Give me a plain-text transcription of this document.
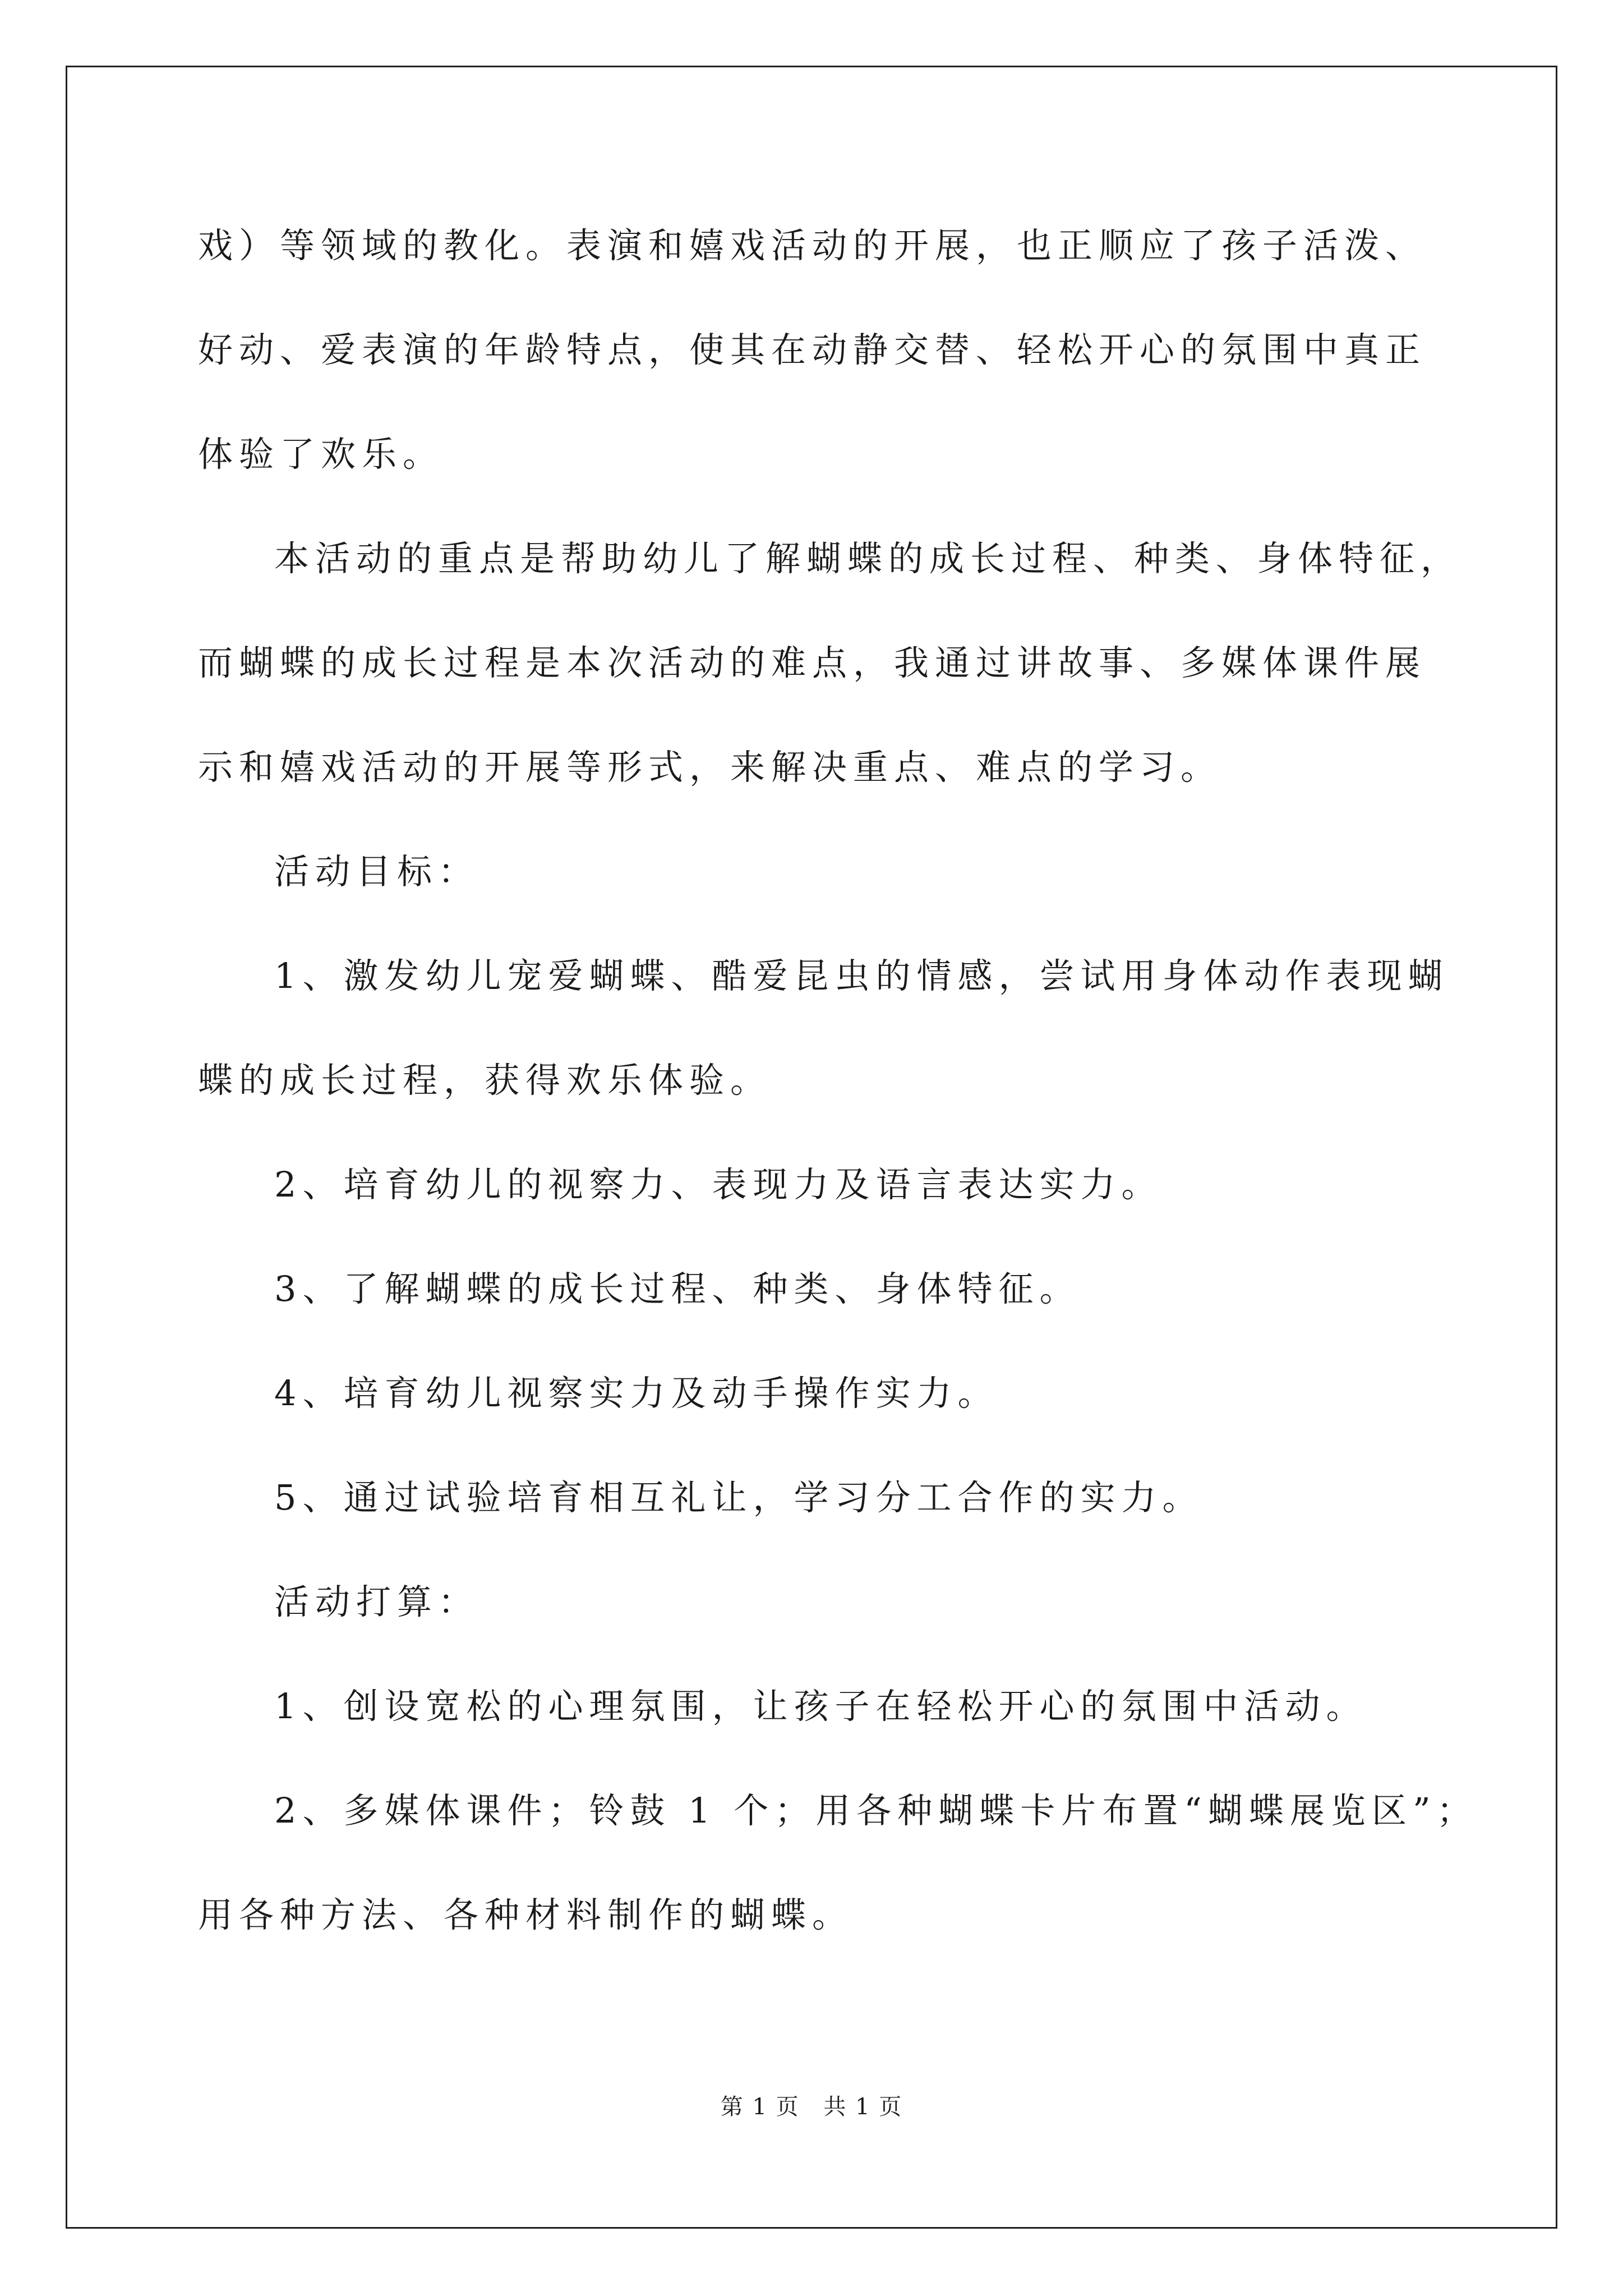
戏）等领域的教化。表演和嬉戏活动的开展，也正顺应了孩子活泼、
好动、爱表演的年龄特点，使其在动静交替、轻松开心的氛围中真正
体验了欢乐。
本活动的重点是帮助幼儿了解蝴蝶的成长过程、种类、身体特征，
而蝴蝶的成长过程是本次活动的难点，我通过讲故事、多媒体课件展
示和嬉戏活动的开展等形式，来解决重点、难点的学习。
活动目标：
1、激发幼儿宠爱蝴蝶、酷爱昆虫的情感，尝试用身体动作表现蝴
蝶的成长过程，获得欢乐体验。
2、培育幼儿的视察力、表现力及语言表达实力。
3、了解蝴蝶的成长过程、种类、身体特征。
4、培育幼儿视察实力及动手操作实力。
5、通过试验培育相互礼让，学习分工合作的实力。
活动打算：
1、创设宽松的心理氛围，让孩子在轻松开心的氛围中活动。
2、多媒体课件；铃鼓 1 个；用各种蝴蝶卡片布置“蝴蝶展览区”；
用各种方法、各种材料制作的蝴蝶。
第 1 页 共 1 页
